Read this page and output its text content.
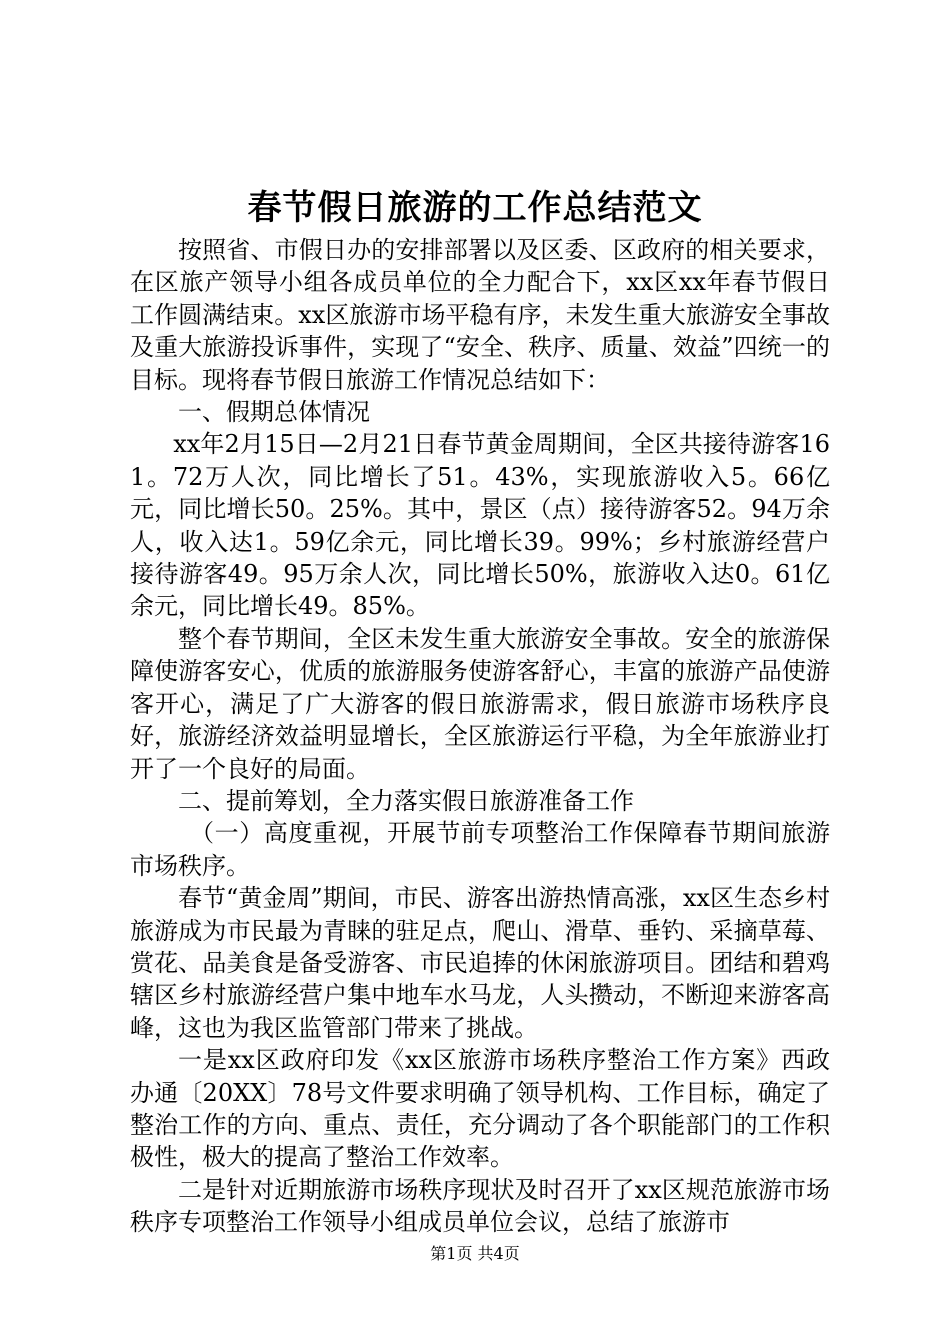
春节假日旅游的工作总结范文

按照省、市假日办的安排部署以及区委、区政府的相关要求，在区旅产领导小组各成员单位的全力配合下，xx区xx年春节假日工作圆满结束。xx区旅游市场平稳有序，未发生重大旅游安全事故及重大旅游投诉事件，实现了“安全、秩序、质量、效益”四统一的目标。现将春节假日旅游工作情况总结如下：

一、假期总体情况

xx年2月15日—2月21日春节黄金周期间，全区共接待游客161。72万人次，同比增长了51。43%，实现旅游收入5。66亿元，同比增长50。25%。其中，景区（点）接待游客52。94万余人，收入达1。59亿余元，同比增长39。99%；乡村旅游经营户接待游客49。95万余人次，同比增长50%，旅游收入达0。61亿余元，同比增长49。85%。

整个春节期间，全区未发生重大旅游安全事故。安全的旅游保障使游客安心，优质的旅游服务使游客舒心，丰富的旅游产品使游客开心，满足了广大游客的假日旅游需求，假日旅游市场秩序良好，旅游经济效益明显增长，全区旅游运行平稳，为全年旅游业打开了一个良好的局面。

二、提前筹划，全力落实假日旅游准备工作

（一）高度重视，开展节前专项整治工作保障春节期间旅游市场秩序。

春节“黄金周”期间，市民、游客出游热情高涨，xx区生态乡村旅游成为市民最为青睐的驻足点，爬山、滑草、垂钓、采摘草莓、赏花、品美食是备受游客、市民追捧的休闲旅游项目。团结和碧鸡辖区乡村旅游经营户集中地车水马龙，人头攒动，不断迎来游客高峰，这也为我区监管部门带来了挑战。

一是xx区政府印发《xx区旅游市场秩序整治工作方案》西政办通〔20XX〕78号文件要求明确了领导机构、工作目标，确定了整治工作的方向、重点、责任，充分调动了各个职能部门的工作积极性，极大的提高了整治工作效率。

二是针对近期旅游市场秩序现状及时召开了xx区规范旅游市场秩序专项整治工作领导小组成员单位会议，总结了旅游市

第1页 共4页
